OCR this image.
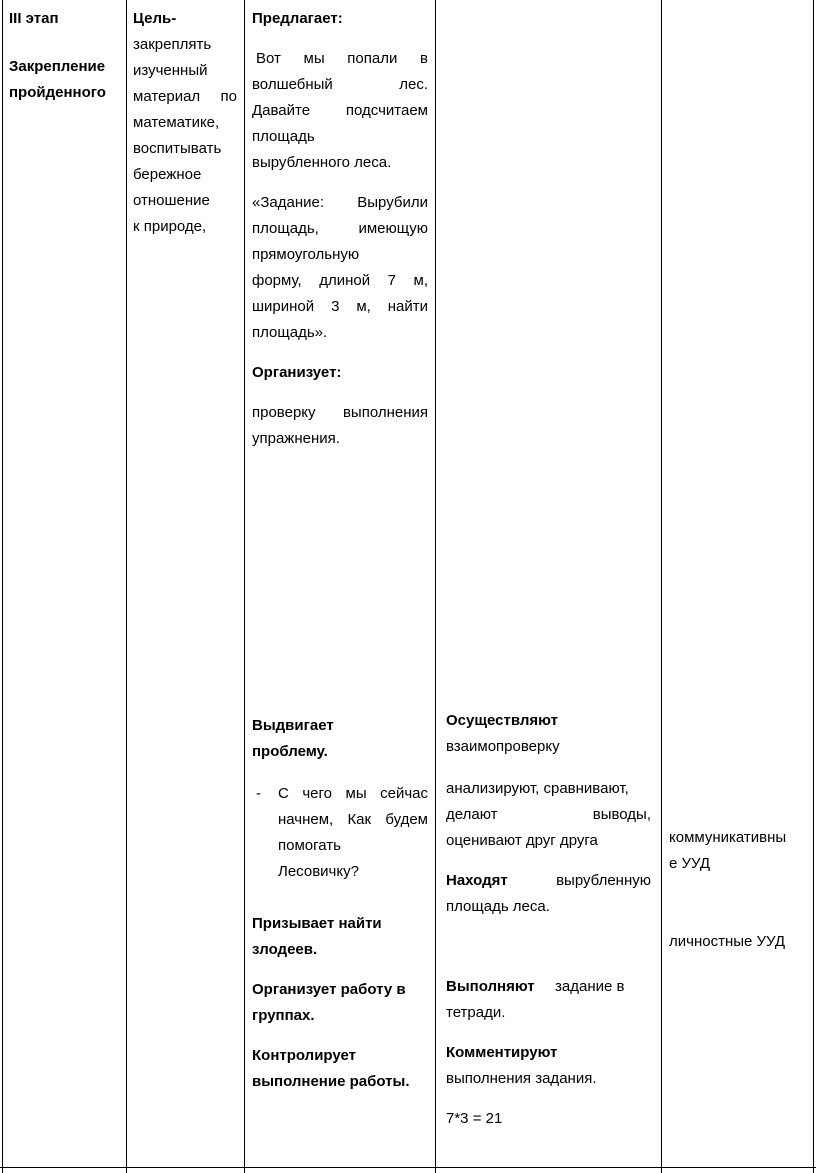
III этап

Закрепление

пройденного

Цель-

закреплять

изученный

материал по

математике,

воспитывать

бережное

отношение

к природе,

Предлагает:

Вот мы попали в

волшебный лес.

Давайте подсчитаем

площадь

вырубленного леса.

«Задание: Вырубили

площадь, имеющую

прямоугольную

форму, длиной 7 м,

шириной 3 м, найти

площадь».

Организует:

проверку выполнения

упражнения.

Выдвигает

проблему.

- С чего мы сейчас

начнем, Как будем

помогать

Лесовичку?

Призывает найти

злодеев.

Организует работу в

группах.

Контролирует

выполнение работы.

Осуществляют

взаимопроверку

анализируют, сравнивают,

делают выводы,

оценивают друг друга

Находят	вырубленную

площадь леса.

Выполняют задание в

тетради.

Комментируют

выполнения задания.

7*3 = 21

коммуникативны

е УУД

личностные УУД
